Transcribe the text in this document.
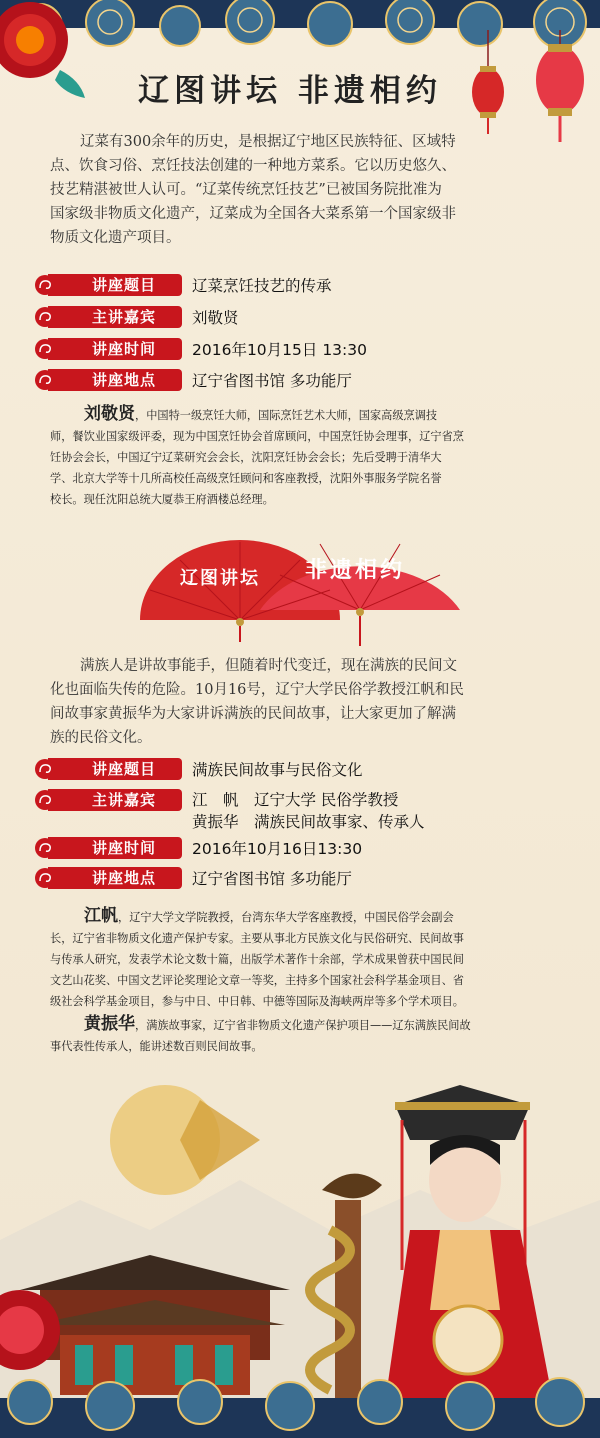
辽图讲坛 非遗相约
辽菜有300余年的历史，是根据辽宁地区民族特征、区域特
点、饮食习俗、烹饪技法创建的一种地方菜系。它以历史悠久、
技艺精湛被世人认可。“辽菜传统烹饪技艺”已被国务院批准为
国家级非物质文化遗产，辽菜成为全国各大菜系第一个国家级非
物质文化遗产项目。
讲座题目 辽菜烹饪技艺的传承
主讲嘉宾 刘敬贤
讲座时间 2016年10月15日 13:30
讲座地点 辽宁省图书馆 多功能厅
刘敬贤，中国特一级烹饪大师，国际烹饪艺术大师，国家高级烹调技
师，餐饮业国家级评委，现为中国烹饪协会首席顾问，中国烹饪协会理事，辽宁省烹
饪协会会长，中国辽宁辽菜研究会会长，沈阳烹饪协会会长；先后受聘于清华大
学、北京大学等十几所高校任高级烹饪顾问和客座教授，沈阳外事服务学院名誉
校长。现任沈阳总统大厦恭王府酒楼总经理。
辽图讲坛	非遗相约
满族人是讲故事能手，但随着时代变迁，现在满族的民间文
化也面临失传的危险。10月16号，辽宁大学民俗学教授江帆和民
间故事家黄振华为大家讲诉满族的民间故事，让大家更加了解满
族的民俗文化。
讲座题目 满族民间故事与民俗文化
主讲嘉宾 江　帆　辽宁大学 民俗学教授
黄振华　满族民间故事家、传承人
讲座时间 2016年10月16日13:30
讲座地点 辽宁省图书馆 多功能厅
江帆，辽宁大学文学院教授，台湾东华大学客座教授，中国民俗学会副会
长，辽宁省非物质文化遗产保护专家。主要从事北方民族文化与民俗研究、民间故事
与传承人研究，发表学术论文数十篇，出版学术著作十余部，学术成果曾获中国民间
文艺山花奖、中国文艺评论奖理论文章一等奖，主持多个国家社会科学基金项目、省
级社会科学基金项目，参与中日、中日韩、中德等国际及海峡两岸等多个学术项目。
黄振华，满族故事家，辽宁省非物质文化遗产保护项目——辽东满族民间故
事代表性传承人，能讲述数百则民间故事。
